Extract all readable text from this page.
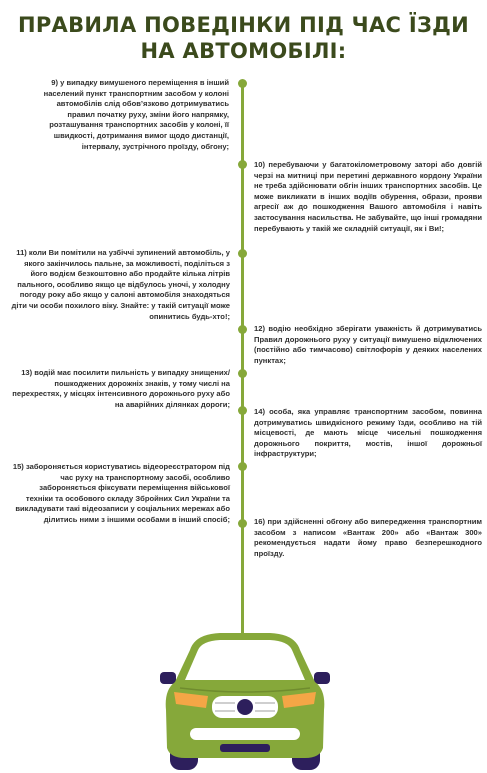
ПРАВИЛА ПОВЕДІНКИ ПІД ЧАС ЇЗДИ
НА АВТОМОБІЛІ:
9) у випадку вимушеного переміщення в інший населений пункт транспортним засобом у колоні автомобілів слід обов’язково дотримуватись правил початку руху, зміни його напрямку, розташування транспортних засобів у колоні, її швидкості, дотримання вимог щодо дистанції, інтервалу, зустрічного проїзду, обгону;
10) перебуваючи у багатокілометровому заторі або довгій черзі на митниці при перетині державного кордону України не треба здійснювати обгін інших транспортних засобів. Це може викликати в інших водіїв обурення, образи, прояви агресії аж до пошкодження Вашого автомобіля і навіть застосування насильства. Не забувайте, що інші громадяни перебувають у такій же складній ситуації, як і Ви!;
11) коли Ви помітили на узбіччі зупинений автомобіль, у якого закінчилось пальне, за можливості, поділіться з його водієм безкоштовно або продайте кілька літрів пального, особливо якщо це відбулось уночі, у холодну погоду року або якщо у салоні автомобіля знаходяться діти чи особи похилого віку. Знайте: у такій ситуації може опинитись будь-хто!;
12) водію необхідно зберігати уважність й дотримуватись Правил дорожнього руху у ситуації вимушено відключених (постійно або тимчасово) світлофорів у деяких населених пунктах;
13) водій має посилити пильність у випадку знищених/пошкоджених дорожніх знаків, у тому числі на перехрестях, у місцях інтенсивного дорожнього руху або на аварійних ділянках дороги;
14) особа, яка управляє транспортним засобом, повинна дотримуватись швидкісного режиму їзди, особливо на тій місцевості, де мають місце чисельні пошкодження дорожнього покриття, мостів, іншої дорожньої інфраструктури;
15) забороняється користуватись відеореєстратором під час руху на транспортному засобі, особливо забороняється фіксувати переміщення військової техніки та особового складу Збройних Сил України та викладувати такі відеозаписи у соціальних мережах або ділитись ними з іншими особами в інший спосіб;	16) при здійсненні обгону або випередження транспортним засобом з написом «Вантаж 200» або «Вантаж 300» рекомендується надати йому право безперешкодного проїзду.
